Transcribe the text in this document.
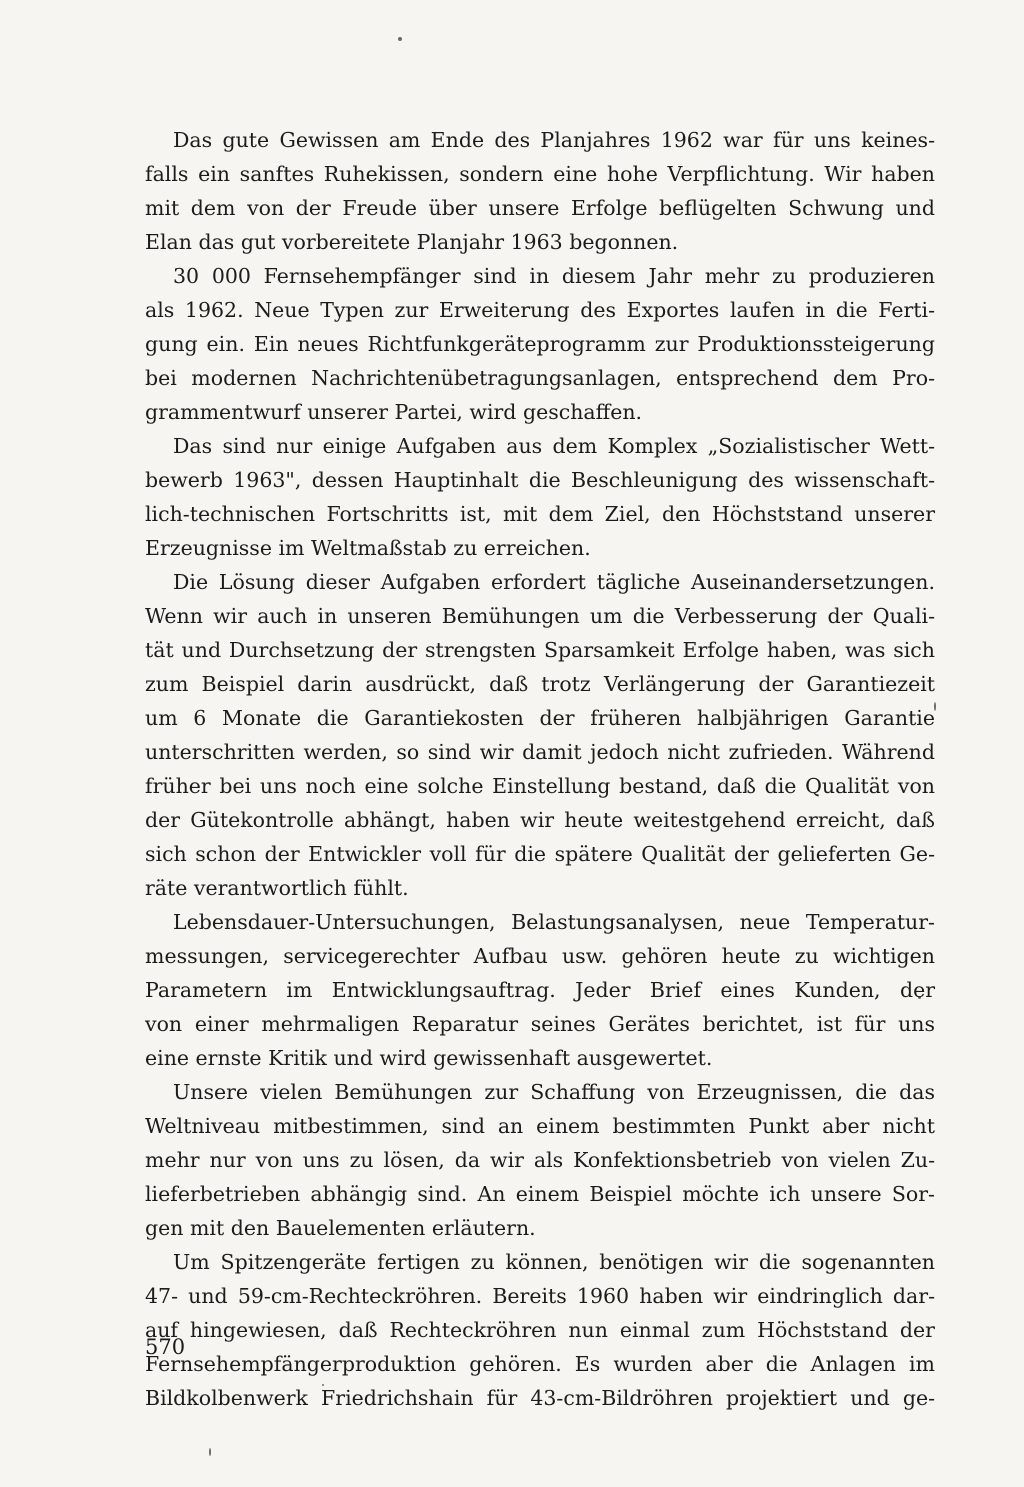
Das gute Gewissen am Ende des Planjahres 1962 war für uns keines-
falls ein sanftes Ruhekissen, sondern eine hohe Verpflichtung. Wir haben
mit dem von der Freude über unsere Erfolge beflügelten Schwung und
Elan das gut vorbereitete Planjahr 1963 begonnen.
30 000 Fernsehempfänger sind in diesem Jahr mehr zu produzieren
als 1962. Neue Typen zur Erweiterung des Exportes laufen in die Ferti-
gung ein. Ein neues Richtfunkgeräteprogramm zur Produktionssteigerung
bei modernen Nachrichtenübetragungsanlagen, entsprechend dem Pro-
grammentwurf unserer Partei, wird geschaffen.
Das sind nur einige Aufgaben aus dem Komplex „Sozialistischer Wett-
bewerb 1963", dessen Hauptinhalt die Beschleunigung des wissenschaft-
lich-technischen Fortschritts ist, mit dem Ziel, den Höchststand unserer
Erzeugnisse im Weltmaßstab zu erreichen.
Die Lösung dieser Aufgaben erfordert tägliche Auseinandersetzungen.
Wenn wir auch in unseren Bemühungen um die Verbesserung der Quali-
tät und Durchsetzung der strengsten Sparsamkeit Erfolge haben, was sich
zum Beispiel darin ausdrückt, daß trotz Verlängerung der Garantiezeit
um 6 Monate die Garantiekosten der früheren halbjährigen Garantie
unterschritten werden, so sind wir damit jedoch nicht zufrieden. Während
früher bei uns noch eine solche Einstellung bestand, daß die Qualität von
der Gütekontrolle abhängt, haben wir heute weitestgehend erreicht, daß
sich schon der Entwickler voll für die spätere Qualität der gelieferten Ge-
räte verantwortlich fühlt.
Lebensdauer-Untersuchungen, Belastungsanalysen, neue Temperatur-
messungen, servicegerechter Aufbau usw. gehören heute zu wichtigen
Parametern im Entwicklungsauftrag. Jeder Brief eines Kunden, der
von einer mehrmaligen Reparatur seines Gerätes berichtet, ist für uns
eine ernste Kritik und wird gewissenhaft ausgewertet.
Unsere vielen Bemühungen zur Schaffung von Erzeugnissen, die das
Weltniveau mitbestimmen, sind an einem bestimmten Punkt aber nicht
mehr nur von uns zu lösen, da wir als Konfektionsbetrieb von vielen Zu-
lieferbetrieben abhängig sind. An einem Beispiel möchte ich unsere Sor-
gen mit den Bauelementen erläutern.
Um Spitzengeräte fertigen zu können, benötigen wir die sogenannten
47- und 59-cm-Rechteckröhren. Bereits 1960 haben wir eindringlich dar-
auf hingewiesen, daß Rechteckröhren nun einmal zum Höchststand der
Fernsehempfängerproduktion gehören. Es wurden aber die Anlagen im
Bildkolbenwerk Friedrichshain für 43-cm-Bildröhren projektiert und ge-
570
